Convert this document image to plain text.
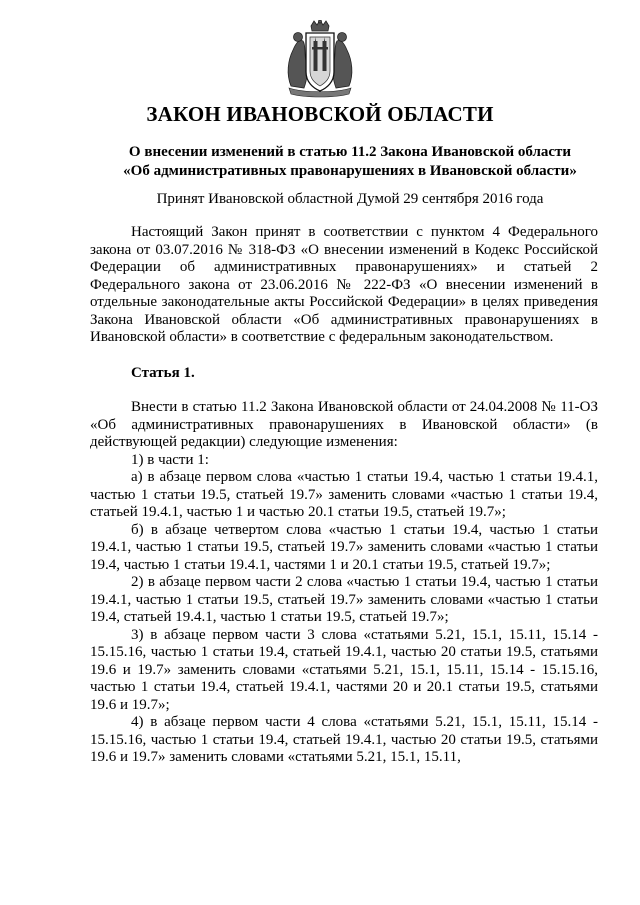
ЗАКОН ИВАНОВСКОЙ ОБЛАСТИ
О внесении изменений в статью 11.2 Закона Ивановской области
«Об административных правонарушениях в Ивановской области»
Принят Ивановской областной Думой 29 сентября 2016 года

Настоящий Закон принят в соответствии с пунктом 4 Федерального закона от 03.07.2016 № 318-ФЗ «О внесении изменений в Кодекс Российской Федерации об административных правонарушениях» и статьей 2 Федерального закона от 23.06.2016 № 222-ФЗ «О внесении изменений в отдельные законодательные акты Российской Федерации» в целях приведения Закона Ивановской области «Об административных правонарушениях в Ивановской области» в соответствие с федеральным законодательством.

Статья 1.

Внести в статью 11.2 Закона Ивановской области от 24.04.2008 № 11-ОЗ «Об административных правонарушениях в Ивановской области» (в действующей редакции) следующие изменения:

1) в части 1:

а) в абзаце первом слова «частью 1 статьи 19.4, частью 1 статьи 19.4.1, частью 1 статьи 19.5, статьей 19.7» заменить словами «частью 1 статьи 19.4, статьей 19.4.1, частью 1 и частью 20.1 статьи 19.5, статьей 19.7»;

б) в абзаце четвертом слова «частью 1 статьи 19.4, частью 1 статьи 19.4.1, частью 1 статьи 19.5, статьей 19.7» заменить словами «частью 1 статьи 19.4, частью 1 статьи 19.4.1, частями 1 и 20.1 статьи 19.5, статьей 19.7»;

2) в абзаце первом части 2 слова «частью 1 статьи 19.4, частью 1 статьи 19.4.1, частью 1 статьи 19.5, статьей 19.7» заменить словами «частью 1 статьи 19.4, статьей 19.4.1, частью 1 статьи 19.5, статьей 19.7»;

3) в абзаце первом части 3 слова «статьями 5.21, 15.1, 15.11, 15.14 - 15.15.16, частью 1 статьи 19.4, статьей 19.4.1, частью 20 статьи 19.5, статьями 19.6 и 19.7» заменить словами «статьями 5.21, 15.1, 15.11, 15.14 - 15.15.16, частью 1 статьи 19.4, статьей 19.4.1, частями 20 и 20.1 статьи 19.5, статьями 19.6 и 19.7»;

4) в абзаце первом части 4 слова «статьями 5.21, 15.1, 15.11, 15.14 - 15.15.16, частью 1 статьи 19.4, статьей 19.4.1, частью 20 статьи 19.5, статьями 19.6 и 19.7» заменить словами «статьями 5.21, 15.1, 15.11,
